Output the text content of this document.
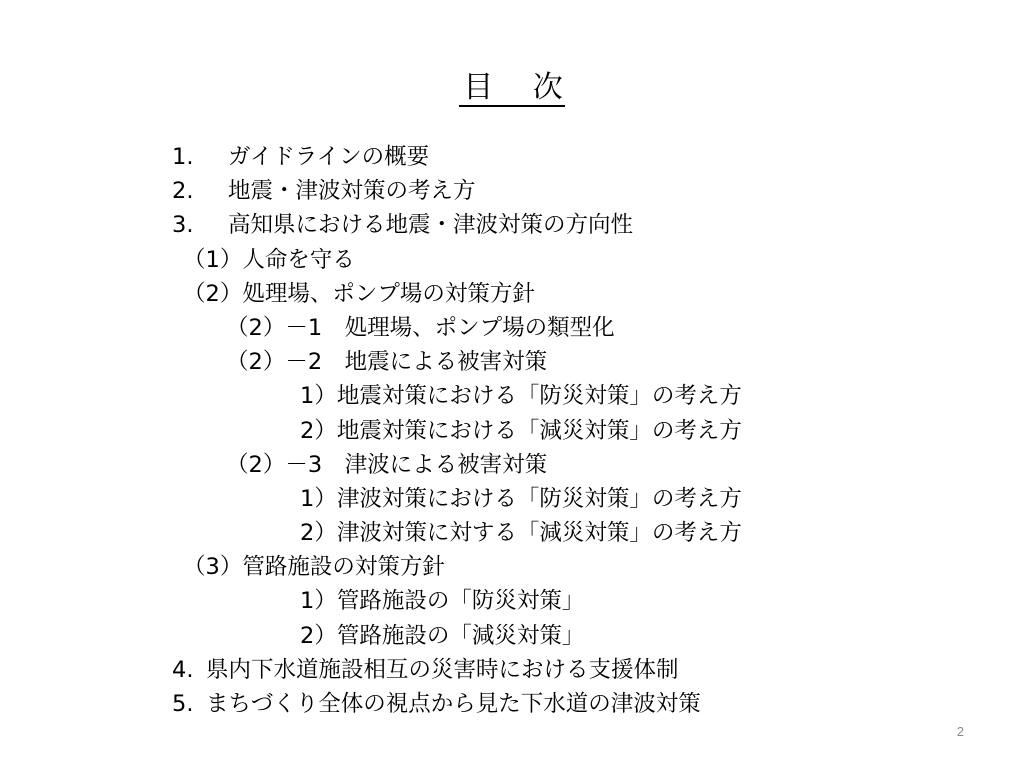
目　 次
1. ガイドラインの概要
2. 地震・津波対策の考え方
3. 高知県における地震・津波対策の方向性
（1）人命を守る
（2）処理場、ポンプ場の対策方針
（2）－1　処理場、ポンプ場の類型化
（2）－2　地震による被害対策
1）地震対策における「防災対策」の考え方
2）地震対策における「減災対策」の考え方
（2）－3　津波による被害対策
1）津波対策における「防災対策」の考え方
2）津波対策に対する「減災対策」の考え方
（3）管路施設の対策方針
1）管路施設の「防災対策」
2）管路施設の「減災対策」
4. 県内下水道施設相互の災害時における支援体制
5. まちづくり全体の視点から見た下水道の津波対策
2
